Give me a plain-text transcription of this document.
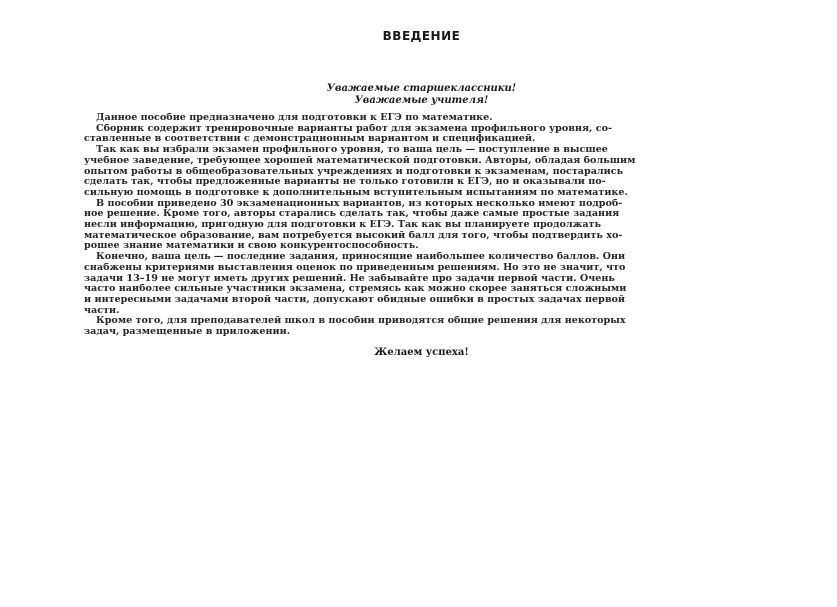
ВВЕДЕНИЕ
Уважаемые старшеклассники!
Уважаемые учителя!

Данное пособие предназначено для подготовки к ЕГЭ по математике.

Сборник содержит тренировочные варианты работ для экзамена профильного уровня, со-
ставленные в соответствии с демонстрационным вариантом и спецификацией.

Так как вы избрали экзамен профильного уровня, то ваша цель — поступление в высшее
учебное заведение, требующее хорошей математической подготовки. Авторы, обладая большим
опытом работы в общеобразовательных учреждениях и подготовки к экзаменам, постарались
сделать так, чтобы предложенные варианты не только готовили к ЕГЭ, но и оказывали по-
сильную помощь в подготовке к дополнительным вступительным испытаниям по математике.

В пособии приведено 30 экзаменационных вариантов, из которых несколько имеют подроб-
ное решение. Кроме того, авторы старались сделать так, чтобы даже самые простые задания
несли информацию, пригодную для подготовки к ЕГЭ. Так как вы планируете продолжать
математическое образование, вам потребуется высокий балл для того, чтобы подтвердить хо-
рошее знание математики и свою конкурентоспособность.

Конечно, ваша цель — последние задания, приносящие наибольшее количество баллов. Они
снабжены критериями выставления оценок по приведенным решениям. Но это не значит, что
задачи 13–19 не могут иметь других решений. Не забывайте про задачи первой части. Очень
часто наиболее сильные участники экзамена, стремясь как можно скорее заняться сложными
и интересными задачами второй части, допускают обидные ошибки в простых задачах первой
части.

Кроме того, для преподавателей школ в пособии приводятся общие решения для некоторых
задач, размещенные в приложении.

Желаем успеха!
